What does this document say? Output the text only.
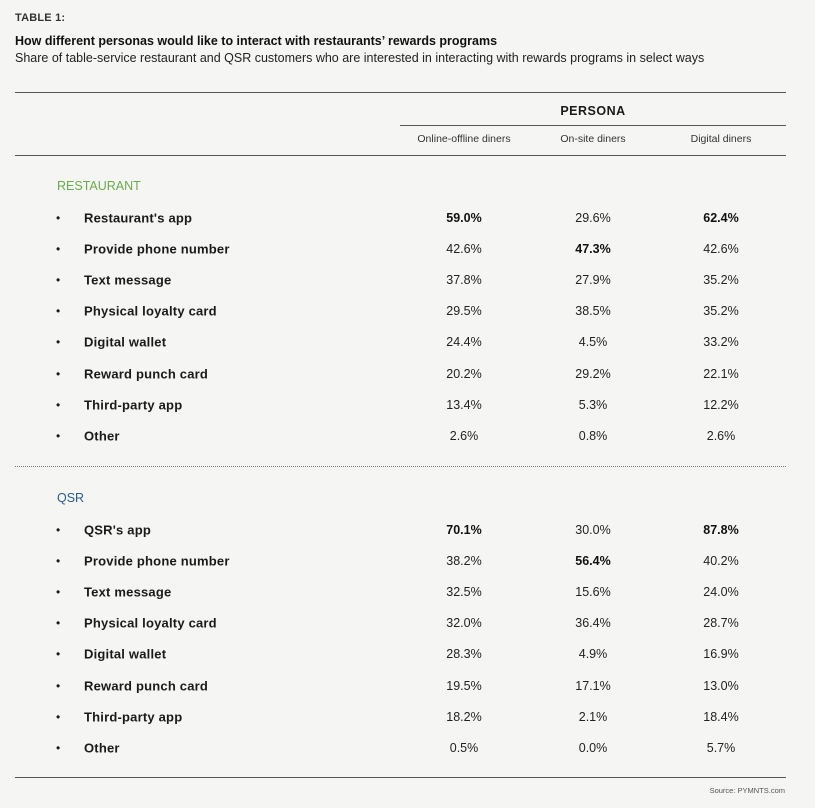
TABLE 1:
How different personas would like to interact with restaurants’ rewards programs
Share of table-service restaurant and QSR customers who are interested in interacting with rewards programs in select ways
PERSONA
Online-offline diners	On-site diners	Digital diners
RESTAURANT
• Restaurant's app	59.0%	29.6%	62.4%
• Provide phone number	42.6%	47.3%	42.6%
• Text message	37.8%	27.9%	35.2%
• Physical loyalty card	29.5%	38.5%	35.2%
• Digital wallet	24.4%	4.5%	33.2%
• Reward punch card	20.2%	29.2%	22.1%
• Third-party app	13.4%	5.3%	12.2%
• Other	2.6%	0.8%	2.6%
QSR
• QSR's app	70.1%	30.0%	87.8%
• Provide phone number	38.2%	56.4%	40.2%
• Text message	32.5%	15.6%	24.0%
• Physical loyalty card	32.0%	36.4%	28.7%
• Digital wallet	28.3%	4.9%	16.9%
• Reward punch card	19.5%	17.1%	13.0%
• Third-party app	18.2%	2.1%	18.4%
• Other	0.5%	0.0%	5.7%
Source: PYMNTS.com
